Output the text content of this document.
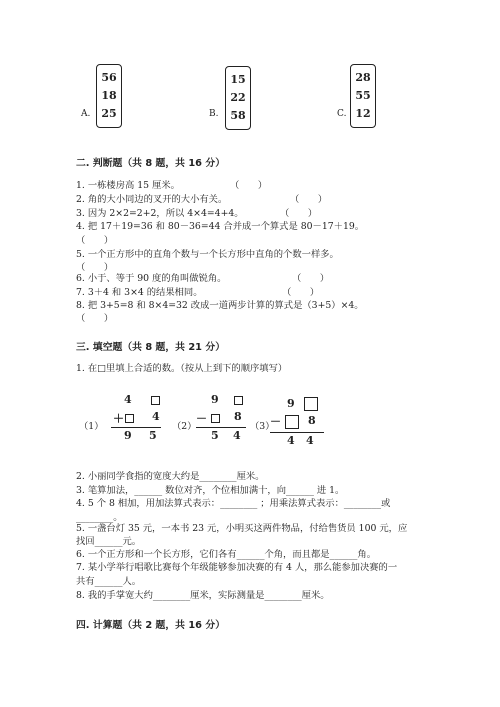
A.
56
18
25	B.
15
22
58	C.
28
55
12
二. 判断题（共 8 题，共 16 分）
1. 一栋楼房高 15 厘米。	（　　）
2. 角的大小同边的叉开的大小有关。	（　　）
3. 因为 2×2=2+2，所以 4×4=4+4。	（　　）
4. 把 17＋19=36 和 80－36=44 合并成一个算式是 80－17＋19。
（　　）
5. 一个正方形中的直角个数与一个长方形中直角的个数一样多。
（　　）
6. 小于、等于 90 度的角叫做锐角。	（　　）
7. 3＋4 和 3×4 的结果相同。	（　　）
8. 把 3+5=8 和 8×4=32 改成一道两步计算的算式是（3+5）×4。
（　　）
三. 填空题（共 8 题，共 21 分）
1. 在□里填上合适的数。（按从上到下的顺序填写）
（1）
4
＋	4
9 5
（2）
9
－ 8
5 4
（3）
9
－ 8
4 4
2. 小丽同学食指的宽度大约是________厘米。
3. 笔算加法，______ 数位对齐，个位相加满十，向______ 进 1。
4. 5 个 8 相加，用加法算式表示：________ ；用乘法算式表示：________或
________。
5. 一盏台灯 35 元，一本书 23 元，小明买这两件物品，付给售货员 100 元，应
找回______元。
6. 一个正方形和一个长方形，它们各有______个角，而且都是______角。
7. 某小学举行唱歌比赛每个年级能够参加决赛的有 4 人，那么能参加决赛的一
共有______人。
8. 我的手掌宽大约________厘米，实际测量是________厘米。
四. 计算题（共 2 题，共 16 分）
